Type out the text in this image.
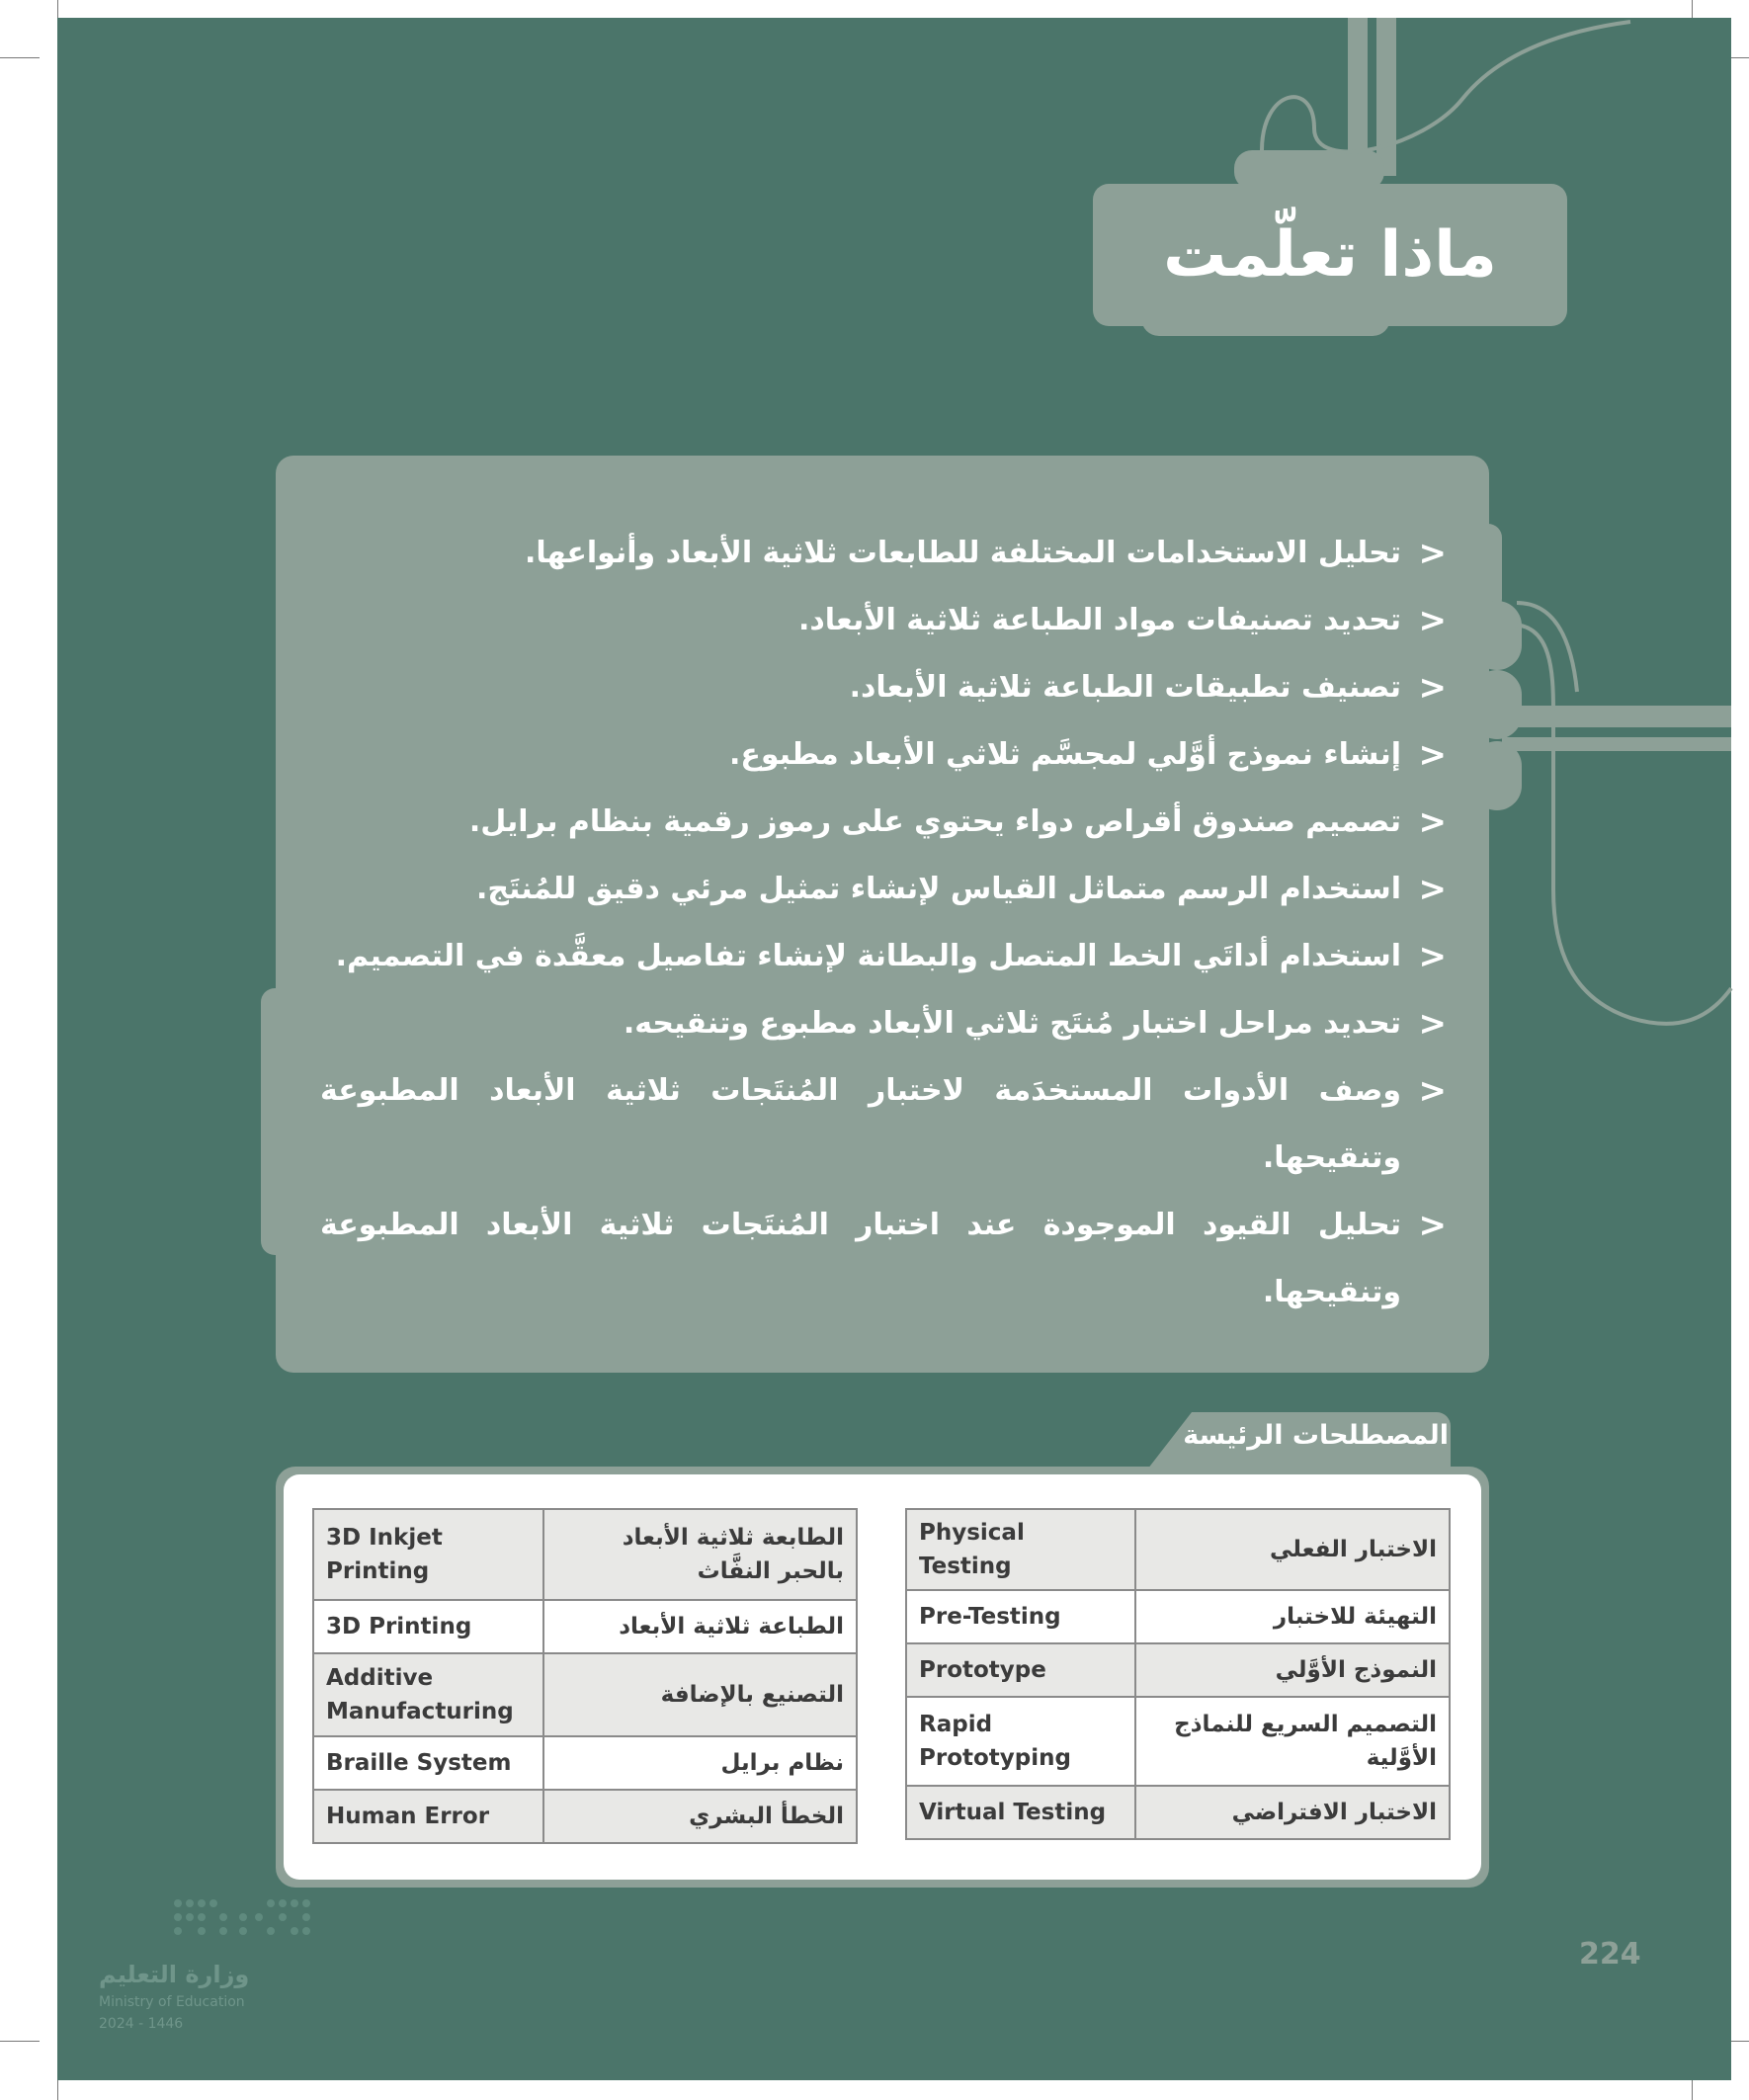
ماذا تعلّمت
<
تحليل الاستخدامات المختلفة للطابعات ثلاثية الأبعاد وأنواعها.
<
تحديد تصنيفات مواد الطباعة ثلاثية الأبعاد.
<
تصنيف تطبيقات الطباعة ثلاثية الأبعاد.
<
إنشاء نموذج أوَّلي لمجسَّم ثلاثي الأبعاد مطبوع.
<
تصميم صندوق أقراص دواء يحتوي على رموز رقمية بنظام برايل.
<
استخدام الرسم متماثل القياس لإنشاء تمثيل مرئي دقيق للمُنتَج.
<
استخدام أداتَي الخط المتصل والبطانة لإنشاء تفاصيل معقَّدة في التصميم.
<
تحديد مراحل اختبار مُنتَج ثلاثي الأبعاد مطبوع وتنقيحه.
<
وصف الأدوات المستخدَمة لاختبار المُنتَجات ثلاثية الأبعاد المطبوعة وتنقيحها.
<
تحليل القيود الموجودة عند اختبار المُنتَجات ثلاثية الأبعاد المطبوعة وتنقيحها.
المصطلحات الرئيسة
3D Inkjet Printing	الطابعة ثلاثية الأبعاد بالحبر النفَّاث
3D Printing	الطباعة ثلاثية الأبعاد
Additive Manufacturing	التصنيع بالإضافة
Braille System	نظام برايل
Human Error	الخطأ البشري
Physical Testing	الاختبار الفعلي
Pre-Testing	التهيئة للاختبار
Prototype	النموذج الأوَّلي
Rapid Prototyping	التصميم السريع للنماذج الأوَّلية
Virtual Testing	الاختبار الافتراضي
224
وزارة التعليم
Ministry of Education
2024 - 1446
